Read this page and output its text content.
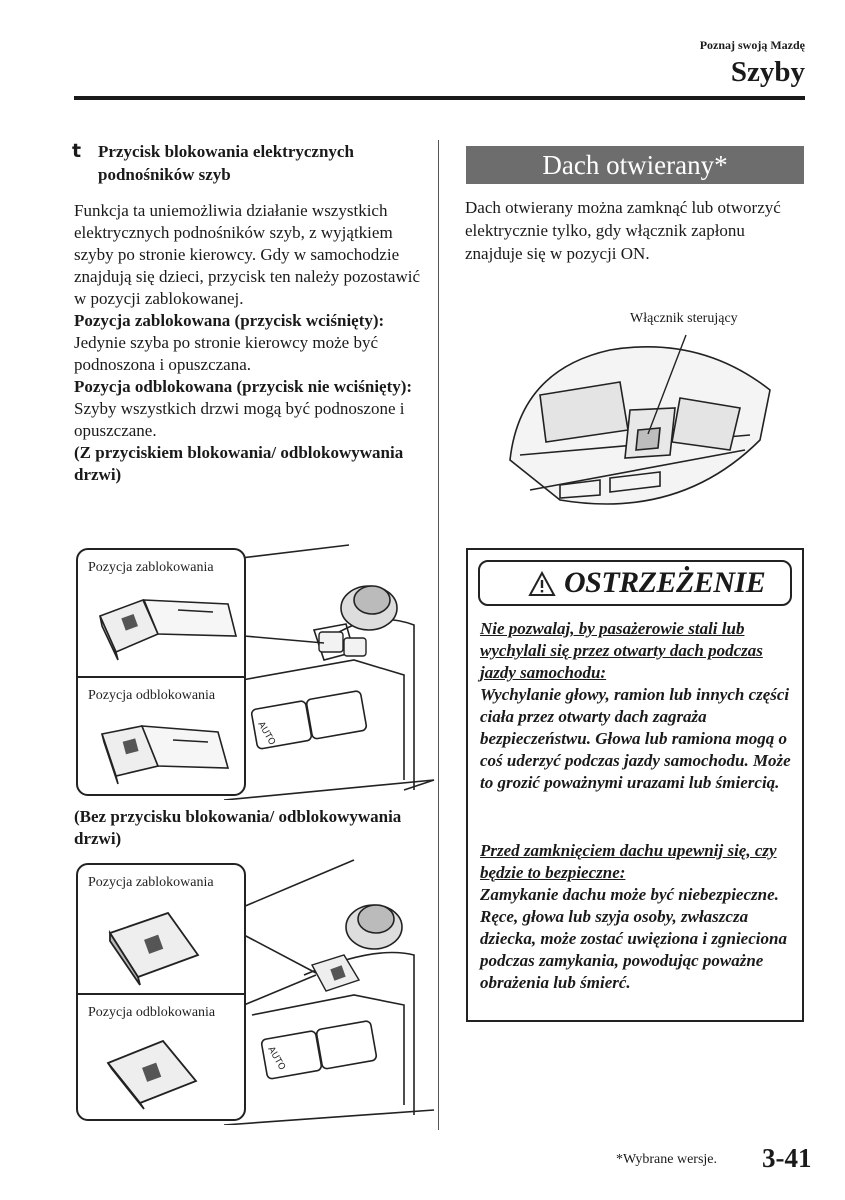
Poznaj swoją Mazdę
Szyby
t Przycisk blokowania elektrycznych podnośników szyb

Funkcja ta uniemożliwia działanie wszystkich elektrycznych podnośników szyb, z wyjątkiem szyby po stronie kierowcy. Gdy w samochodzie znajdują się dzieci, przycisk ten należy pozostawić w pozycji zablokowanej.

Pozycja zablokowana (przycisk wciśnięty):

Jedynie szyba po stronie kierowcy może być podnoszona i opuszczana.

Pozycja odblokowana (przycisk nie wciśnięty):

Szyby wszystkich drzwi mogą być podnoszone i opuszczane.

(Z przyciskiem blokowania/ odblokowywania drzwi)

AUTO
Pozycja zablokowania
Pozycja odblokowania

(Bez przycisku blokowania/ odblokowywania drzwi)

AUTO
Pozycja zablokowania
Pozycja odblokowania
Dach otwierany*
Dach otwierany można zamknąć lub otworzyć elektrycznie tylko, gdy włącznik zapłonu znajduje się w pozycji ON.
Włącznik sterujący
OSTRZEŻENIE
Nie pozwalaj, by pasażerowie stali lub wychylali się przez otwarty dach podczas jazdy samochodu:
Wychylanie głowy, ramion lub innych części ciała przez otwarty dach zagraża bezpieczeństwu. Głowa lub ramiona mogą o coś uderzyć podczas jazdy samochodu. Może to grozić poważnymi urazami lub śmiercią.
Przed zamknięciem dachu upewnij się, czy będzie to bezpieczne:
Zamykanie dachu może być niebezpieczne. Ręce, głowa lub szyja osoby, zwłaszcza dziecka, może zostać uwięziona i zgnieciona podczas zamykania, powodując poważne obrażenia lub śmierć.
*Wybrane wersje. 3-41
